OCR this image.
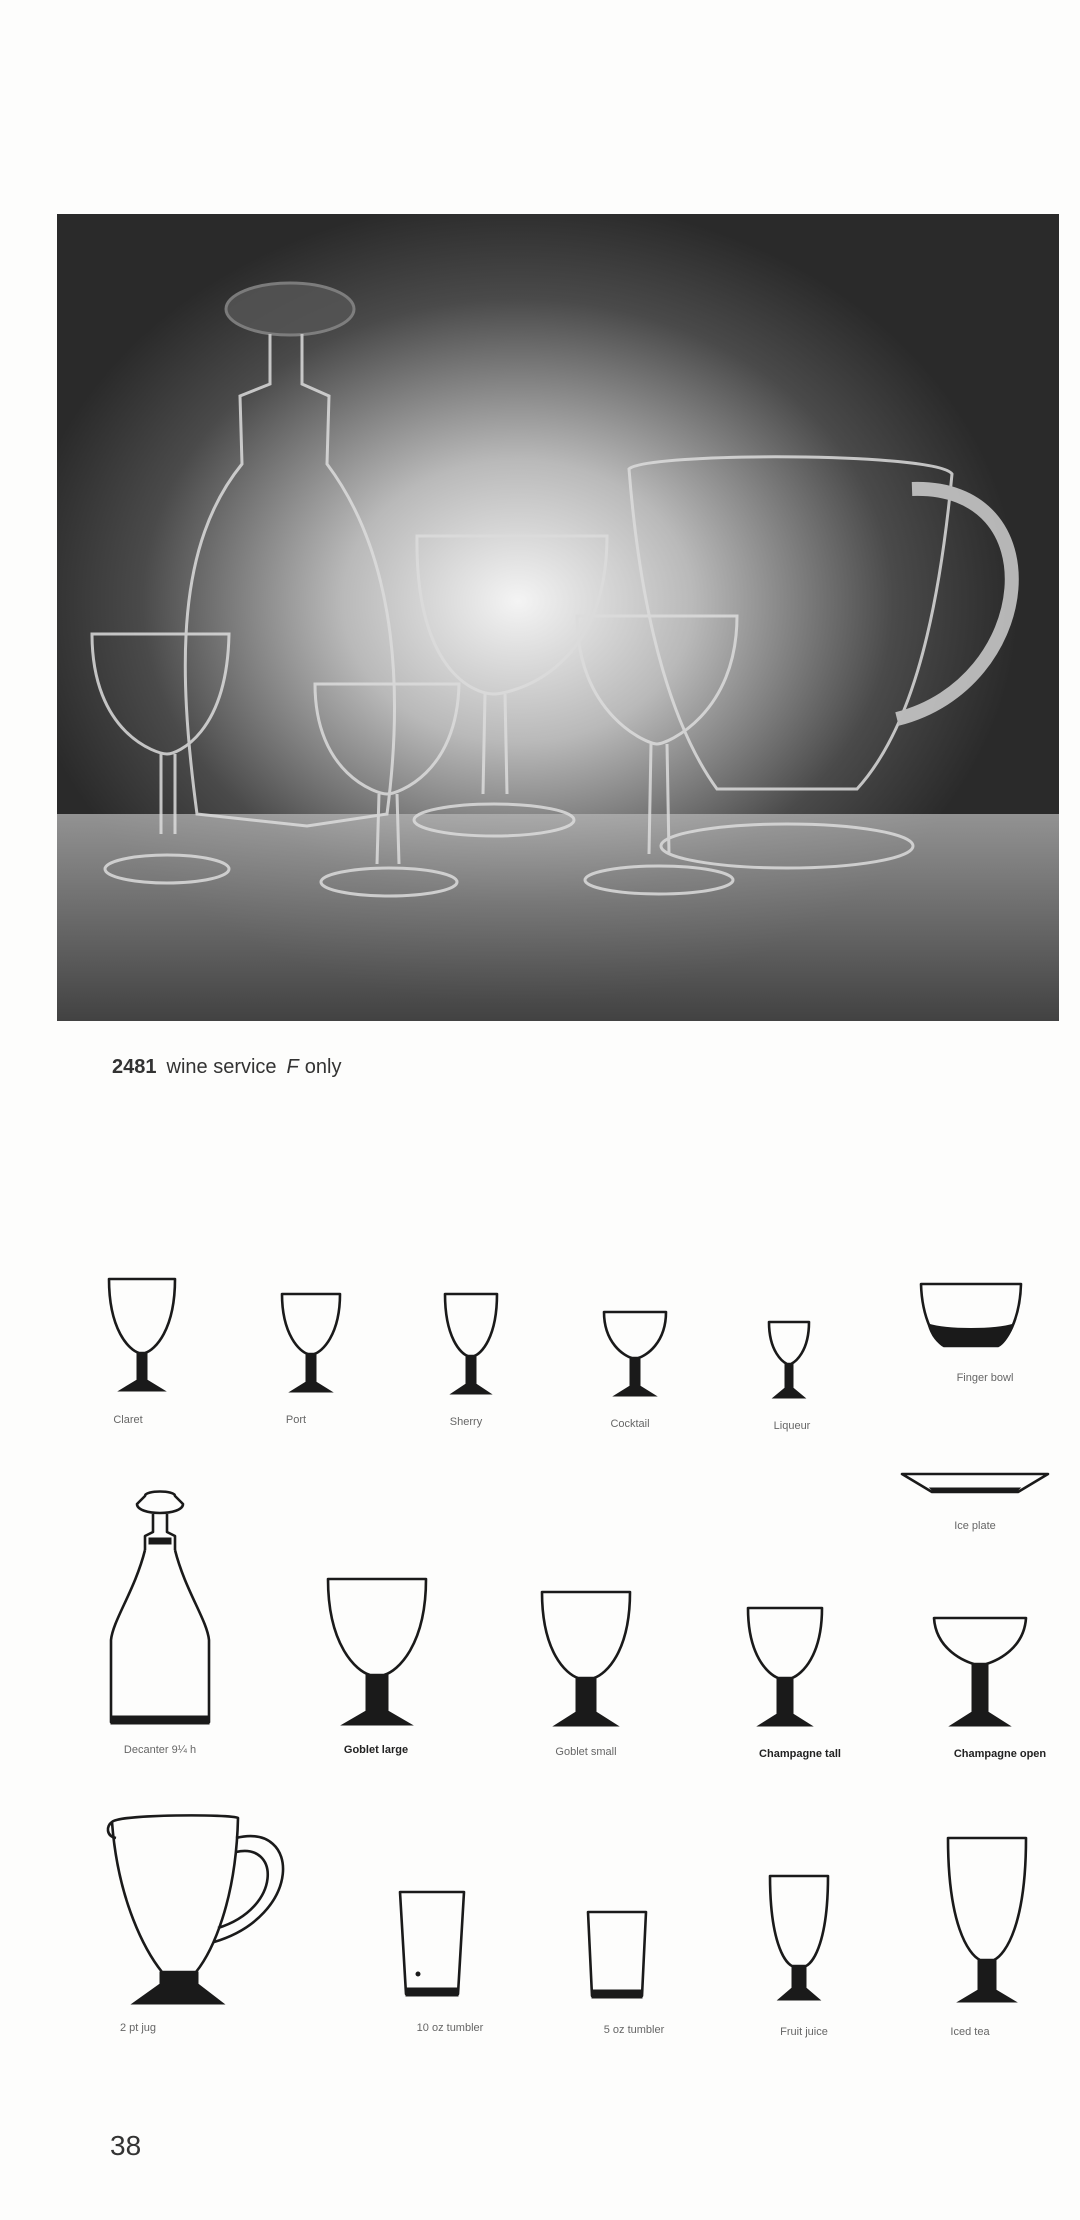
2481 wine service F only
Claret	Port	Sherry	Cocktail	Liqueur
Finger bowl
Ice plate
Decanter 9¼ h	Goblet large	Goblet small	Champagne tall	Champagne open
2 pt jug	10 oz tumbler	5 oz tumbler	Fruit juice	Iced tea
38
